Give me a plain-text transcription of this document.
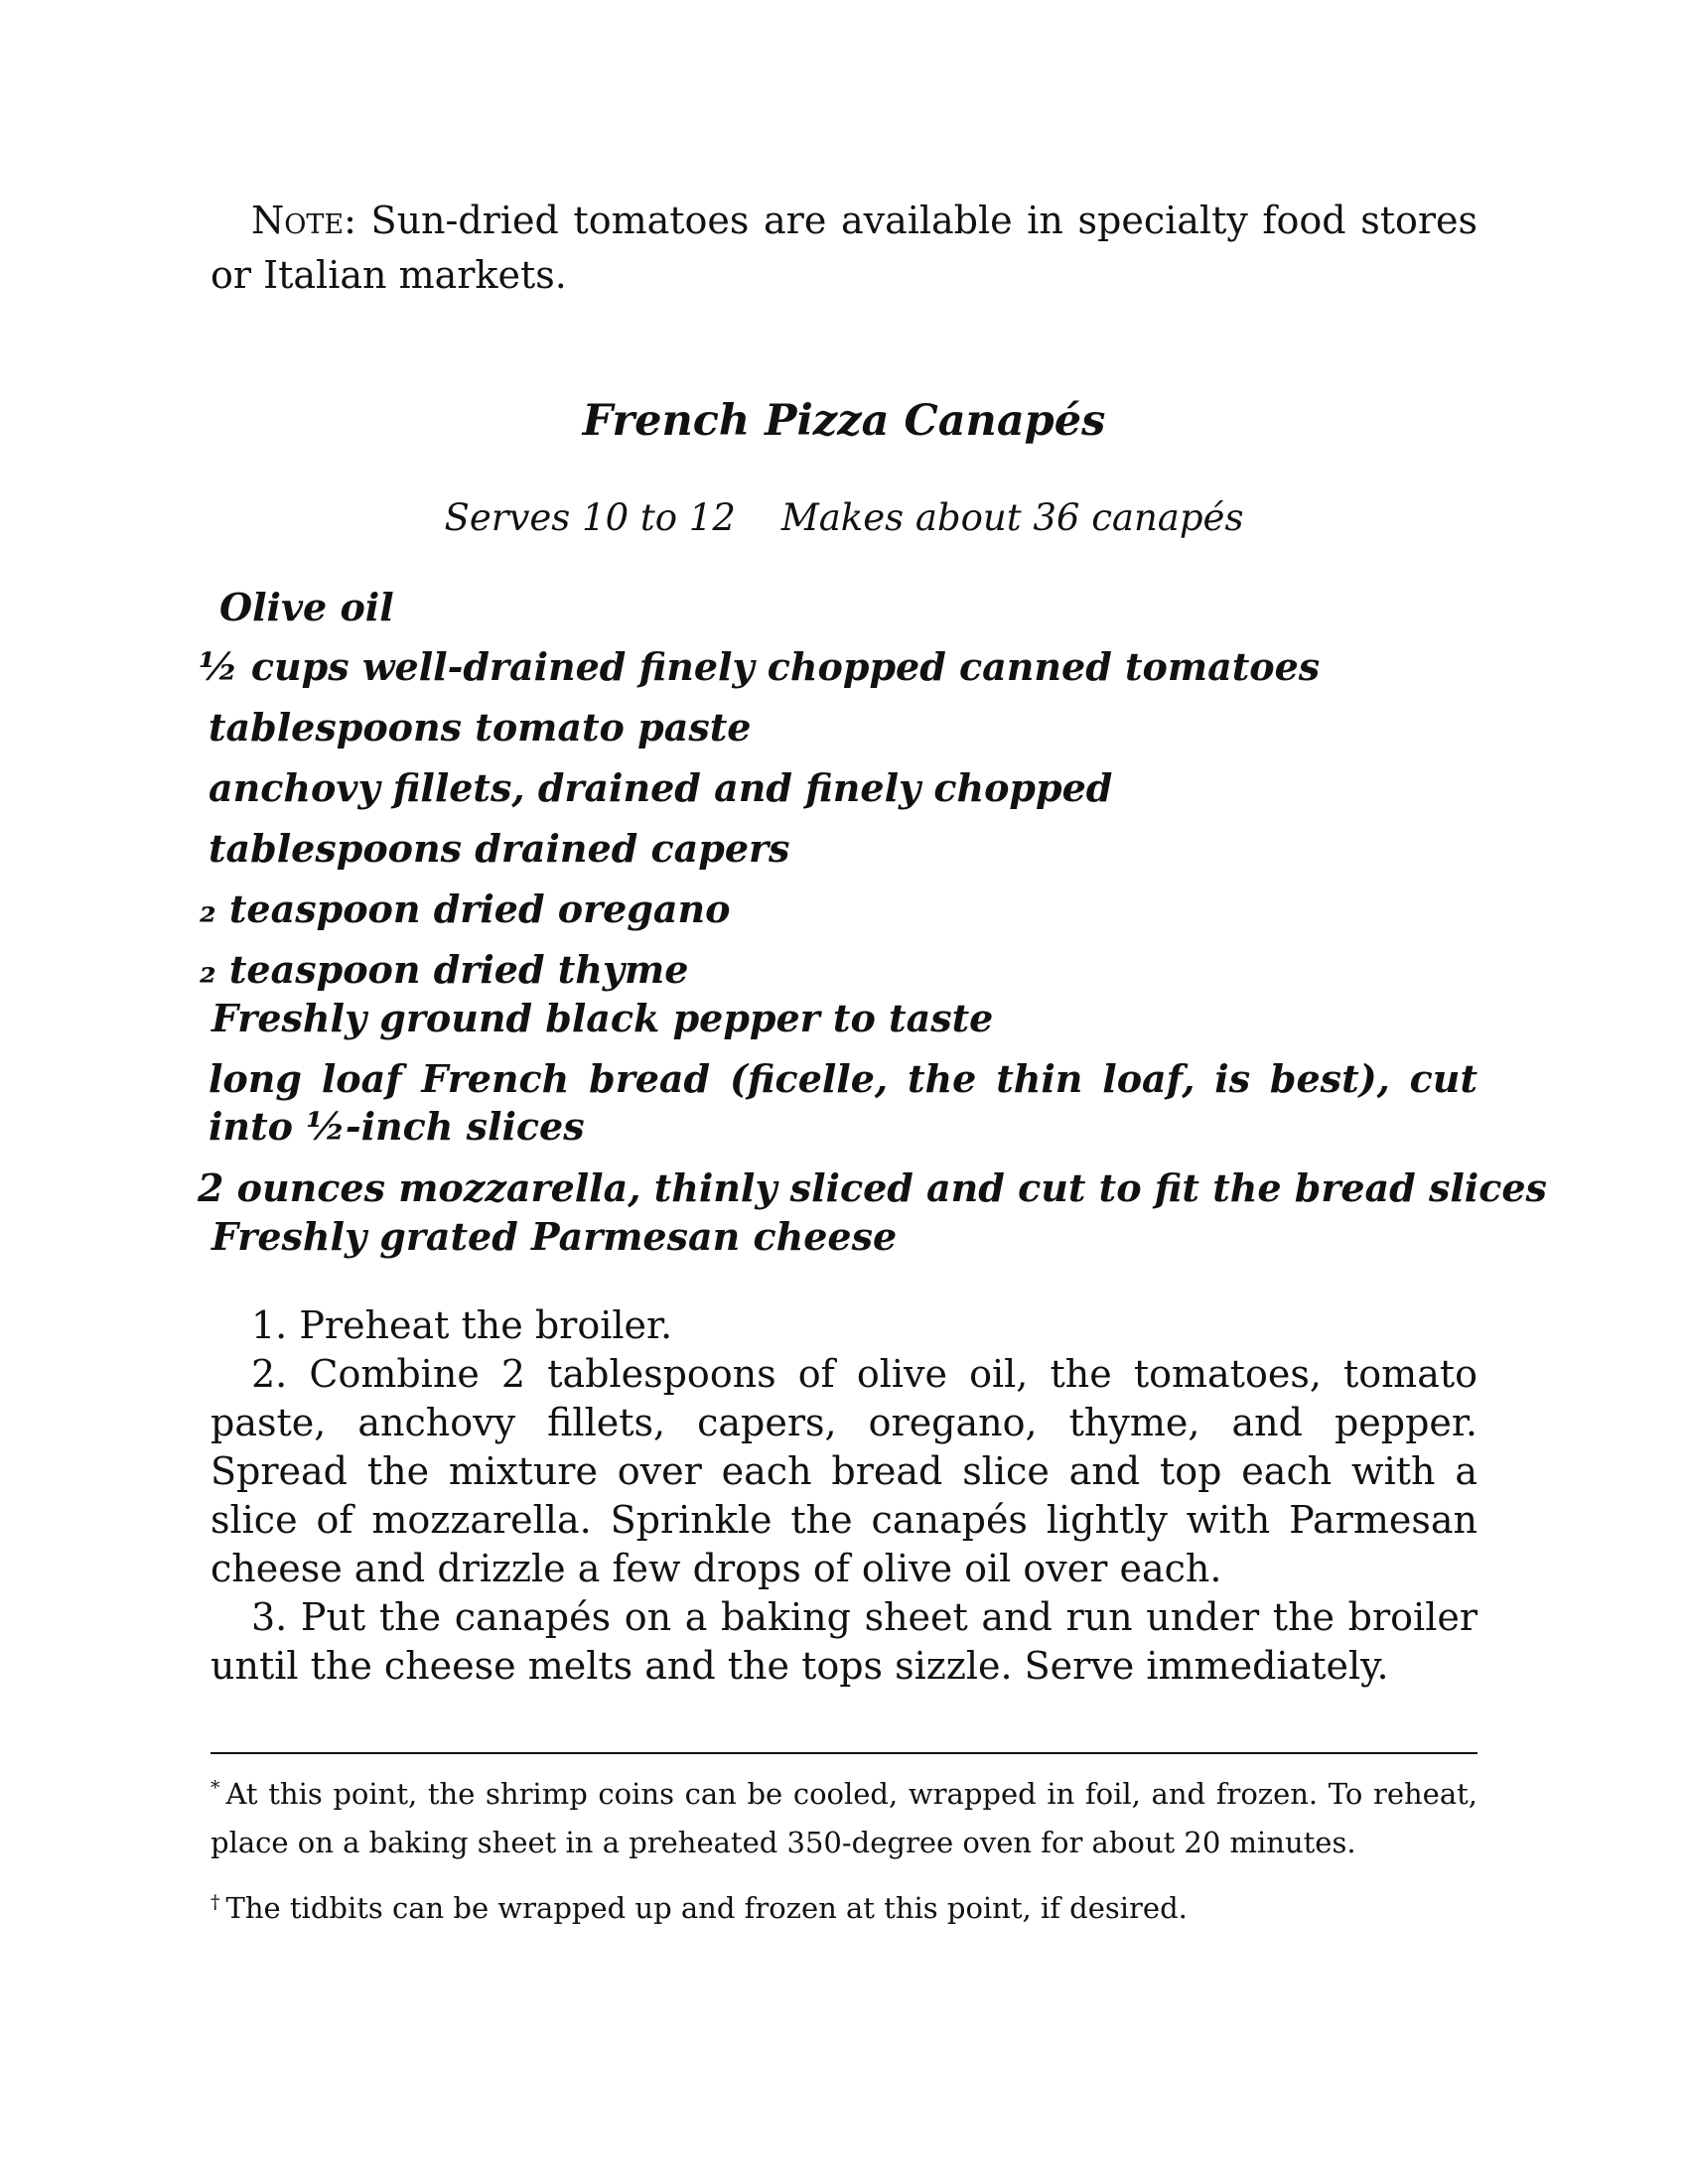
Note: Sun-dried tomatoes are available in specialty food stores or Italian markets.

French Pizza Canapés

Serves 10 to 12 Makes about 36 canapés

Olive oil

½ cups well-drained finely chopped canned tomatoes

tablespoons tomato paste

anchovy fillets, drained and finely chopped

tablespoons drained capers

₂ teaspoon dried oregano

₂ teaspoon dried thyme

Freshly ground black pepper to taste

long loaf French bread (ficelle, the thin loaf, is best), cut into ½-inch slices

2 ounces mozzarella, thinly sliced and cut to fit the bread slices

Freshly grated Parmesan cheese

1. Preheat the broiler.

2. Combine 2 tablespoons of olive oil, the tomatoes, tomato paste, anchovy fillets, capers, oregano, thyme, and pepper. Spread the mixture over each bread slice and top each with a slice of mozzarella. Sprinkle the canapés lightly with Parmesan cheese and drizzle a few drops of olive oil over each.

3. Put the canapés on a baking sheet and run under the broiler until the cheese melts and the tops sizzle. Serve immediately.

* At this point, the shrimp coins can be cooled, wrapped in foil, and frozen. To reheat, place on a baking sheet in a preheated 350-degree oven for about 20 minutes.

† The tidbits can be wrapped up and frozen at this point, if desired.
